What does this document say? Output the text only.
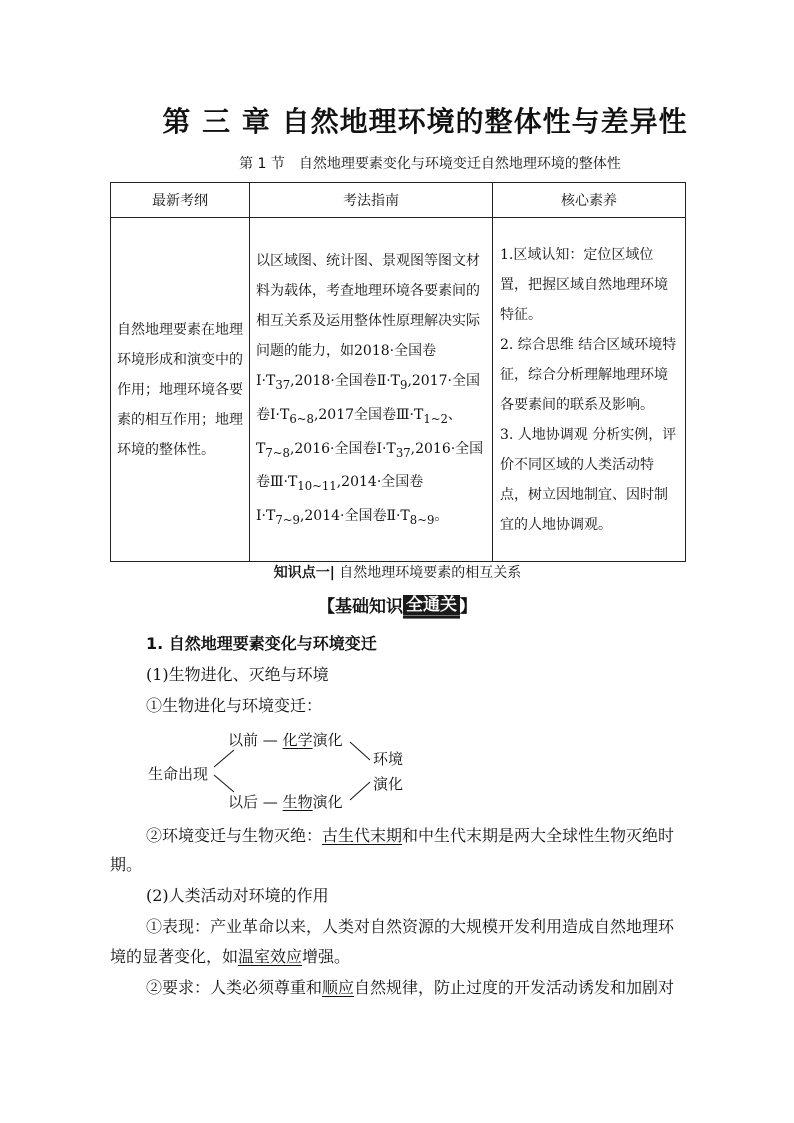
第 三 章 自然地理环境的整体性与差异性
第 1 节　自然地理要素变化与环境变迁自然地理环境的整体性
最新考纲	考法指南	核心素养
自然地理要素在地理环境形成和演变中的作用；地理环境各要素的相互作用；地理环境的整体性。	以区域图、统计图、景观图等图文材料为载体，考查地理环境各要素间的相互关系及运用整体性原理解决实际问题的能力，如2018·全国卷$Ⅰ\cdot T_{37},2018\cdot$全国卷$Ⅱ\cdot T_9,2017\cdot$全国卷$Ⅰ\cdot T_{6\sim 8},2017$全国卷$Ⅲ\cdot T_{1\sim 2}$、$T_{7\sim 8},2016\cdot$全国卷$Ⅰ\cdot T_{37},2016\cdot$全国卷$Ⅲ\cdot T_{10\sim 11},2014\cdot$全国卷$Ⅰ\cdot T_{7\sim 9},2014\cdot$全国卷$Ⅱ\cdot T_{8\sim 9}$。	1.区域认知：定位区域位置，把握区域自然地理环境特征。

2. 综合思维 结合区域环境特征，综合分析理解地理环境各要素间的联系及影响。

3. 人地协调观 分析实例，评价不同区域的人类活动特点，树立因地制宜、因时制宜的人地协调观。

知识点一| 自然地理环境要素的相互关系
【基础知识 全通关 】
1. 自然地理要素变化与环境变迁
(1)生物进化、灭绝与环境
①生物进化与环境变迁：
生命出现
以前 — 化学演化
以后 — 生物演化
环境
演化
②环境变迁与生物灭绝：古生代末期和中生代末期是两大全球性生物灭绝时
期。
(2)人类活动对环境的作用
①表现：产业革命以来，人类对自然资源的大规模开发利用造成自然地理环
境的显著变化，如温室效应增强。
②要求：人类必须尊重和顺应自然规律，防止过度的开发活动诱发和加剧对
